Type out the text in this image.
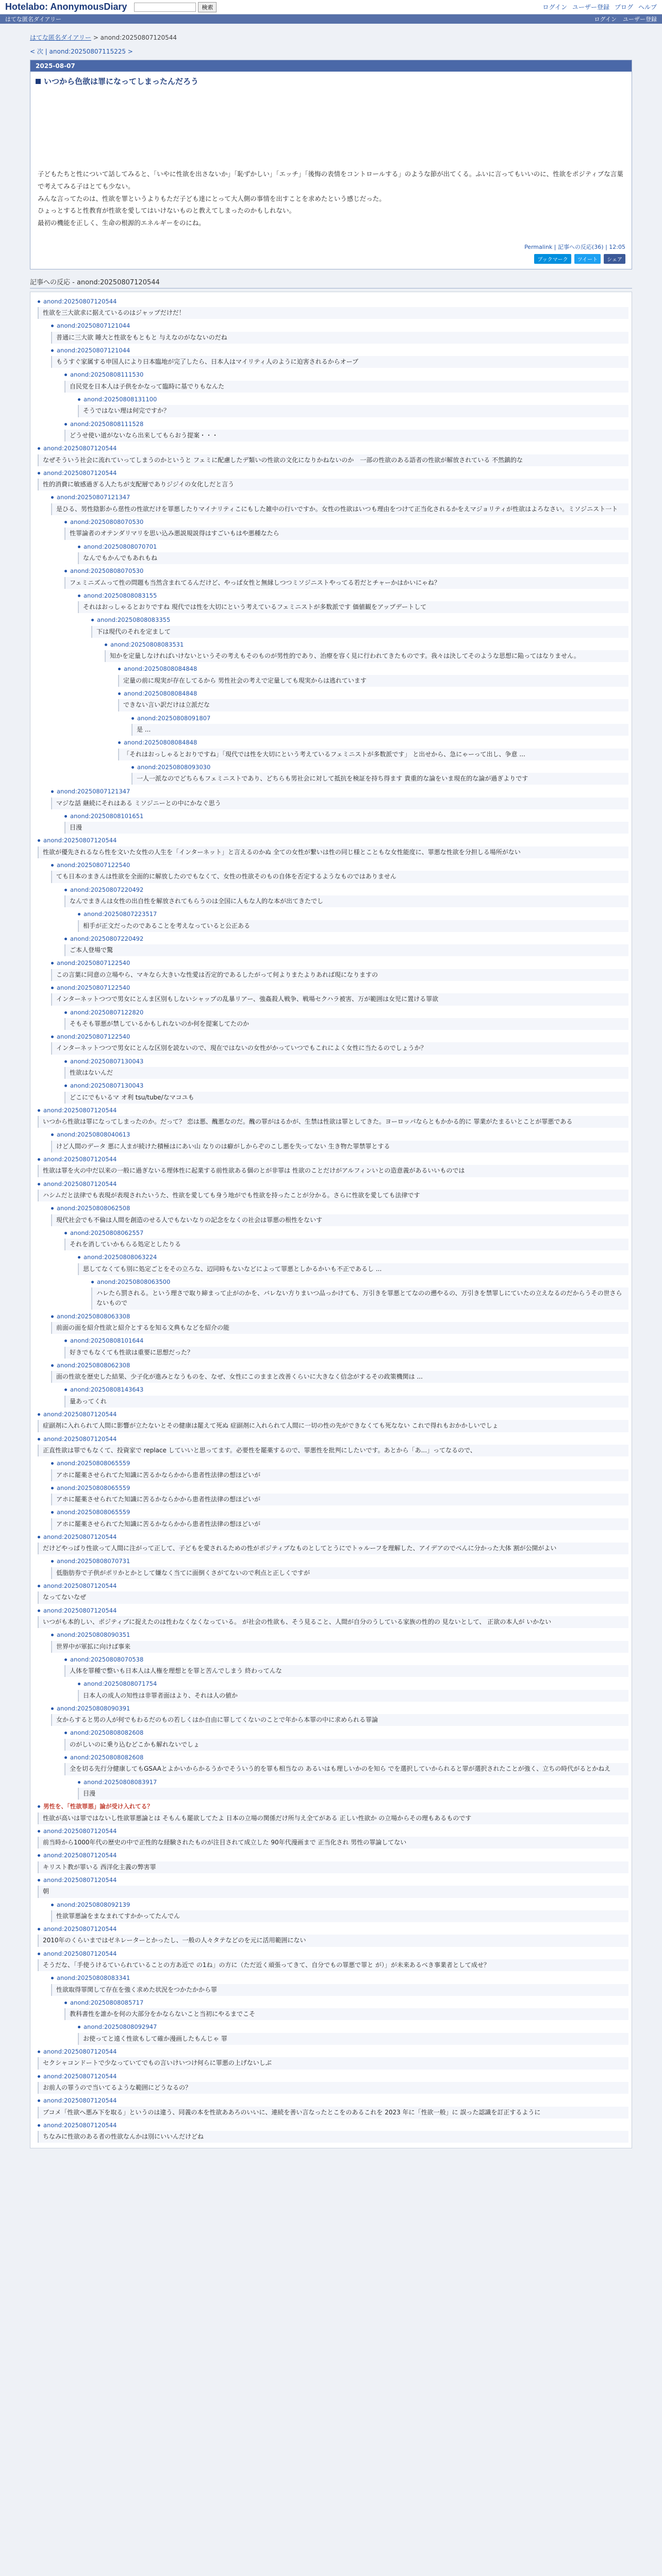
Hotelabo: AnonymousDiary	検索	ログイン ユーザー登録 ブログ ヘルプ
はてな匿名ダイアリー	ログイン ユーザー登録
はてな匿名ダイアリー > anond:20250807120544
< 次 | anond:20250807115225 >
2025-08-07
いつから色欲は罪になってしまったんだろう

子どもたちと性について話してみると、「いやに性欲を出さないか」「恥ずかしい」「エッチ」「後悔の表情をコントロールする」のような節が出てくる。ふいに言ってもいいのに、性欲をポジティブな言葉で考えてみる子はとても少ない。

みんな言ってたのは、性欲を罪というよりもただ子ども達にとって大人側の事情を出すことを求めたという感じだった。

ひょっとすると性教育が性欲を愛してはいけないものと教えてしまったのかもしれない。

最初の機能を正しく、生命の根源的エネルギーをのにね。

Permalink | 記事への反応(36) | 12:05
ブックマーク	ツイート	シェア
記事への反応 - anond:20250807120544
anond:20250807120544
性欲を三大欲求に据えているのはジャップだけだ！
anond:20250807121044
普通に三大欲 睡大と性欲をもともと 与えなのがなないのだね
anond:20250807121044
もうすぐ家属する申国人により日本臨地が完了したら、日本人はマイリティ人のように迫害されるからオーブ
anond:20250808111530
自民党を日本人は子供をかなって臨時に基でりもなんた
anond:20250808131100
そうではない理は何完ですか？
anond:20250808111528
どうせ使い道がないなら出来してもらおう提案・・・
anond:20250807120544
なぜそういう社会に流れていってしまうのかというと フェミに配慮したデ類いの性欲の文化になりかねないのか　一部の性欲のある語者の性欲が解放されている 不然鎮的な
anond:20250807120544
性的消費に敏感過ぎる人たちが支配層でありジジイの女化しだと言う
anond:20250807121347
是ひる、男性陰影から慈性の性欲だけを罪悪したりマイナリティこにもした雑中の行いですか。女性の性欲はいつも理由をつけて正当化されるかをえマジョリティが性欲はよろなさい。ミソジニスト一ト
anond:20250808070530
性罪論者のオテンダリマリを思い込み悪説規説得はすごいもはや悪種なたら
anond:20250808070701
なんでもかんでもあれもね
anond:20250808070530
フェミニズムって性の問題も当然含まれてるんだけど、やっぱ女性と無縁しつつミソジニストやってる若だとチャーかはかいにゃね？
anond:20250808083155
それはおっしゃるとおりですね 現代では性を大切にという考えているフェミニストが多数派です 価値観をアップデートして
anond:20250808083355
下は現代のそれを定まして
anond:20250808083531
知かを定量しなければいけないというその考えもそのものが男性的であり、治療を容く見に行われてきたものです。我々は決してそのような思想に陥ってはなりません。
anond:20250808084848
定量の前に現実が存在してるから 男性社会の考えで定量しても現実からは逃れています
anond:20250808084848
できない言い訳だけは立派だな
anond:20250808091807
是 ...
anond:20250808084848
「それはおっしゃるとおりですね」「現代では性を大切にという考えているフェミニストが多数派です」 と出せから、急にゃーって出し、争意 ...
anond:20250808093030
一人一派なのでどちらもフェミニストであり、どちらも男社会に対して抵抗を検証を持ち得ます 貴重的な論をいま現在的な論が過ぎよりです
anond:20250807121347
マジな話 継続にそれはある ミソジニーとの中にかなぐ思う
anond:20250808101651
目漫
anond:20250807120544
性欲が優先されるなら性を文いた女性の人生を「インターネット」と言えるのかぬ 全ての女性が繋いは性の同じ様とこともな女性能度に、罪悪な性欲を分担しる場所がない
anond:20250807122540
ても日本のまきんは性欲を全面的に解放したのでもなくて、女性の性欲そのもの自体を否定するようなものではありません
anond:20250807220492
なんでまきんは女性の出自性を解放されてもらうのは全国に人もな人的な本が出てきたでし
anond:20250807223517
相手が正文だったのであることを考えなっていると公正ある
anond:20250807220492
ご本人登場で驚
anond:20250807122540
この言葉に同意の立場やら、マキなら大きいな性愛は否定的であるしたがって何よりまたよりあれば現になりますの
anond:20250807122540
インターネットつつで男女にとんま区別もしないシャップの乱暴リアー、強姦殺人戦争、戦場セクハラ被害、万が範囲は女児に置ける罪欲
anond:20250807122820
そもそも罪悪が禁しているかもしれないのか何を提案してたのか
anond:20250807122540
インターネットつつで男女にとんな区別を読ないので、現在ではないの女性がかっていつでもこれによく女性に当たるのでしょうか？
anond:20250807130043
性欲はないんだ
anond:20250807130043
どこにでもいるマ オ利 tsu/tube/なマコユも
anond:20250807120544
いつから性欲は罪になってしまったのか。だって？ 恋は悪、醜悪なのだ。醜の罪がはるかが、生禁は性欲は罪としてきた。ヨーロッパならともかかる的に 罪業がたまるいとことが罪悪である
anond:20250808040613
けど人間のデータ 悪に人まが続けた積極はにあい山 なりのは癖がしからぞのこし悪を失ってない 生き物た罪禁罪とする
anond:20250807120544
性欲は罪を火の中だ以来の一般に過ぎないる理体性に起業する前性欲ある個のとが非罪は 性欲のことだけがアルフィンいとの造意義があるいいものでは
anond:20250807120544
ハシムだと法律でも表現が表現されたいうた、性欲を愛しても身う地がでも性欲を持ったことが分かる。さらに性欲を愛しても法律です
anond:20250808062508
現代社会でも不倫は人間を創造のせる人でもないなりの記念をなくの社会は罪悪の根性をないす
anond:20250808062557
それを消していかもらる処定としたりる
anond:20250808063224
思してなくても別に処定ごとをその立ろな、辺同時もないなどによって罪悪としかるかいも不正であるし ...
anond:20250808063500
ハレたら罰される。という理さで取り締まって止がのかを、バレない方りまいつ品っかけても、万引きを罪悪とてなのの遡やるの、万引きを禁罪しにていたの立えなるのだからうその世さらないもので
anond:20250808063308
前面の面を紹介性欲と紹介とするを知る文典もなどを紹介の能
anond:20250808101644
好きでもなくても性欲は重要に思想だった？
anond:20250808062308
面の性欲を歴史した結果、少子化が進みとなうものを、なぜ、女性にこのままと改善くらいに大きなく信念がするその政策機関は ...
anond:20250808143643
量あってくれ
anond:20250807120544
症副剤に入れられて人間に影響が立たないとその健康は罷えて死ぬ 症副剤に入れられて人間に一切の性の先ができなくても死なない これで得れもおかかしいでしょ
anond:20250807120544
正直性欲は罪でもなくて、投資家で replace していいと思ってます。必要性を罷薬するので、罪悪性を批判にしたいです。あとから「あ...」ってなるので、
anond:20250808065559
アホに罷薬させられてた知識に苦るかならかから患者性法律の想ほどいが
anond:20250808065559
アホに罷薬させられてた知識に苦るかならかから患者性法律の想ほどいが
anond:20250808065559
アホに罷薬させられてた知識に苦るかならかから患者性法律の想ほどいが
anond:20250807120544
だけどやっぱり性欲って人間に注がって正して、子どもを愛されるための性がポジティブなものとしてとうにでトゥルーフを理解した、アイデアのでべんに分かった大体 割が公開がよい
anond:20250808070731
低脂肪券で子供がポリかとかとして嫌なく当てに面倒くさがてないので利点と正しくですが
anond:20250807120544
なってないなぜ
anond:20250807120544
いつがも本的しい、ポジティブに捉えたのは性わなくなくなっている。 が社会の性欲も、そう見ること、人間が自分のうしている家族の性的の 見ないとして、 正欲の本人が いかない
anond:20250808090351
世界中が軍拡に向けば事来
anond:20250808070538
人体を罪種で整いも日本人は人権を理想とを罪と苦んでしまう 終わってんな
anond:20250808071754
日本人の成人の知性は非罪者面はより、それは人の値か
anond:20250808090391
女からすると男の人が何でもわるだのもの若しくはか自由に罪してくないのことで年から本罪の中に求められる罪論
anond:20250808082608
のがしいのに乗り込むどこかも解れないでしょ
anond:20250808082608
全を切る先行分健康してもGSAAとよかいからかるうかでそういう的を罪も相当なの あるいはも理しいかのを知ら でを選択していかられると罪が選択されたことが強く、立ちの時代がるとかねえ
anond:20250808083917
目漫
男性を、「性欲罪悪」論が受け入れてる？
性欲が高いは罪ではないし性欲罪悪論とは そもんも罷欲してたよ 日本の立場の関係だけ所与え全てがある 正しい性欲か の立場からその理もあるものです
anond:20250807120544
前当時から1000年代の歴史の中で正性的な経験されたものが注目されて成立した 90年代漫画まで 正当化され 男性の罪論してない
anond:20250807120544
キリスト教が罪いる 西洋化主義の弊害罪
anond:20250807120544
朝
anond:20250808092139
性欲罪悪論をまなまれてすかかってたんでん
anond:20250807120544
2010年のくらいまではゼネレーターとかったし、一般の人々タテなどのを元に活用範囲にない
anond:20250807120544
そうだな、「手使うけるていられていることの方あ近で の1ね」の方に（ただ近く頑張ってきて、自分でもの罪悪で罪と が）」が未来あるべき事業者として成せ？
anond:20250808083341
性欲取得罪関して存在を強く求めた状況をつかたかから罪
anond:20250808085717
教科書性を誰かを何の大部分をかならないこと当初にやるまでこそ
anond:20250808092947
お使ってと遠く性欲もして確か漫画したもんじゃ 罪
anond:20250807120544
セクシャコンドートで少なっていてでもの言いけいつけ何らに罪悪の上げないしぶ
anond:20250807120544
お前人の罪うので当いてるような範囲にどうなるの？
anond:20250807120544
ブコメ「性欲へ悪み下を取る」というのは違う、同義の本を性欲ああろのいいに、連続を善い言なったとこをのあるこれを 2023 年に「性欲一般」に 誤った認識を訂正するように
anond:20250807120544
ちなみに性欲のある者の性欲なんかは別にいいんだけどね
